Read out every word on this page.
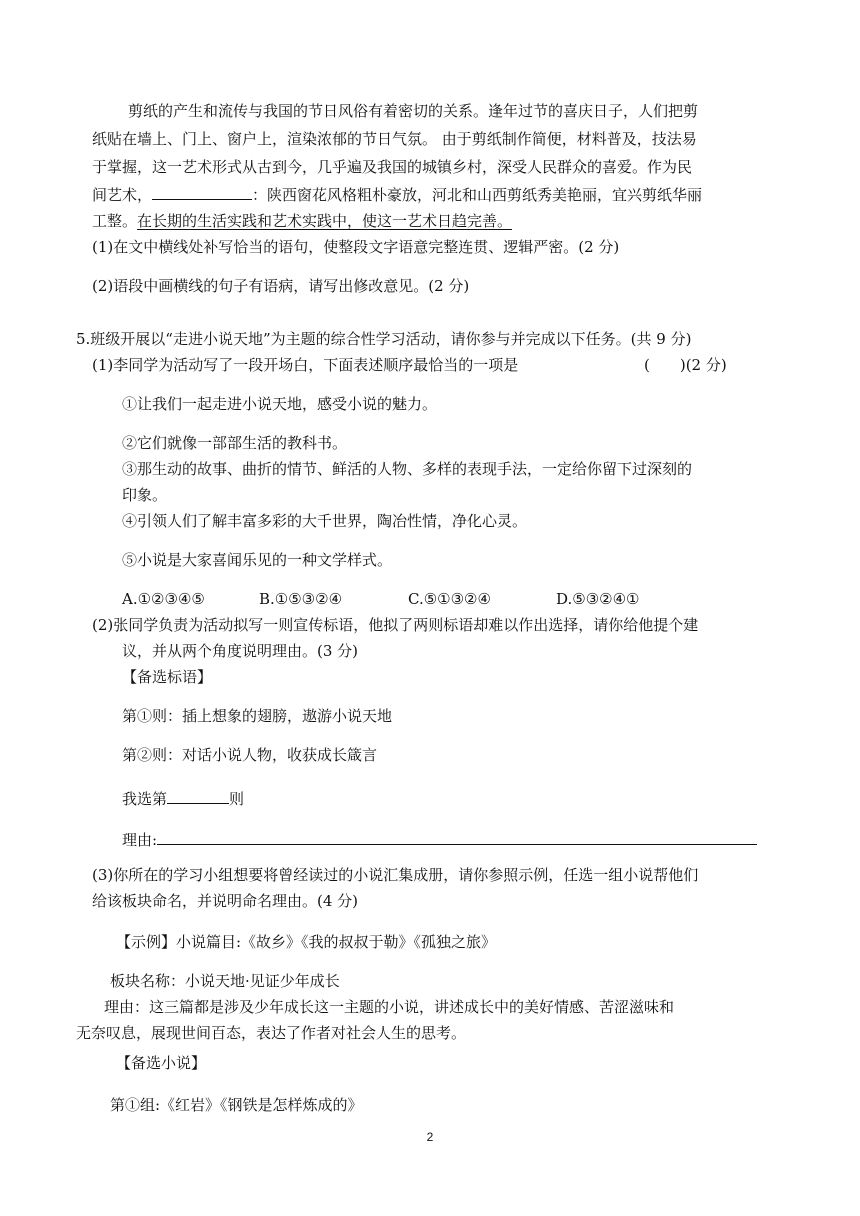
剪纸的产生和流传与我国的节日风俗有着密切的关系。逢年过节的喜庆日子，人们把剪
纸贴在墙上、门上、窗户上，渲染浓郁的节日气氛。 由于剪纸制作简便，材料普及，技法易
于掌握，这一艺术形式从古到今，几乎遍及我国的城镇乡村，深受人民群众的喜爱。作为民
间艺术，	：陕西窗花风格粗朴豪放，河北和山西剪纸秀美艳丽，宜兴剪纸华丽
工整。在长期的生活实践和艺术实践中，使这一艺术日趋完善。
(1)在文中横线处补写恰当的语句，使整段文字语意完整连贯、逻辑严密。(2 分)
(2)语段中画横线的句子有语病，请写出修改意见。(2 分)
5.班级开展以“走进小说天地”为主题的综合性学习活动，请你参与并完成以下任务。(共 9 分)
(1)李同学为活动写了一段开场白，下面表述顺序最恰当的一项是	(　　)(2 分)
①让我们一起走进小说天地，感受小说的魅力。
②它们就像一部部生活的教科书。
③那生动的故事、曲折的情节、鲜活的人物、多样的表现手法，一定给你留下过深刻的
印象。
④引领人们了解丰富多彩的大千世界，陶冶性情，净化心灵。
⑤小说是大家喜闻乐见的一种文学样式。
A.①②③④⑤	B.①⑤③②④	C.⑤①③②④	D.⑤③②④①
(2)张同学负责为活动拟写一则宣传标语，他拟了两则标语却难以作出选择，请你给他提个建
议，并从两个角度说明理由。(3 分)
【备选标语】
第①则：插上想象的翅膀，遨游小说天地
第②则：对话小说人物，收获成长箴言
我选第	则
理由:
(3)你所在的学习小组想要将曾经读过的小说汇集成册，请你参照示例，任选一组小说帮他们
给该板块命名，并说明命名理由。(4 分)
【示例】小说篇目:《故乡》《我的叔叔于勒》《孤独之旅》
板块名称：小说天地·见证少年成长
理由：这三篇都是涉及少年成长这一主题的小说，讲述成长中的美好情感、苦涩滋味和
无奈叹息，展现世间百态，表达了作者对社会人生的思考。
【备选小说】
第①组:《红岩》《钢铁是怎样炼成的》
2
